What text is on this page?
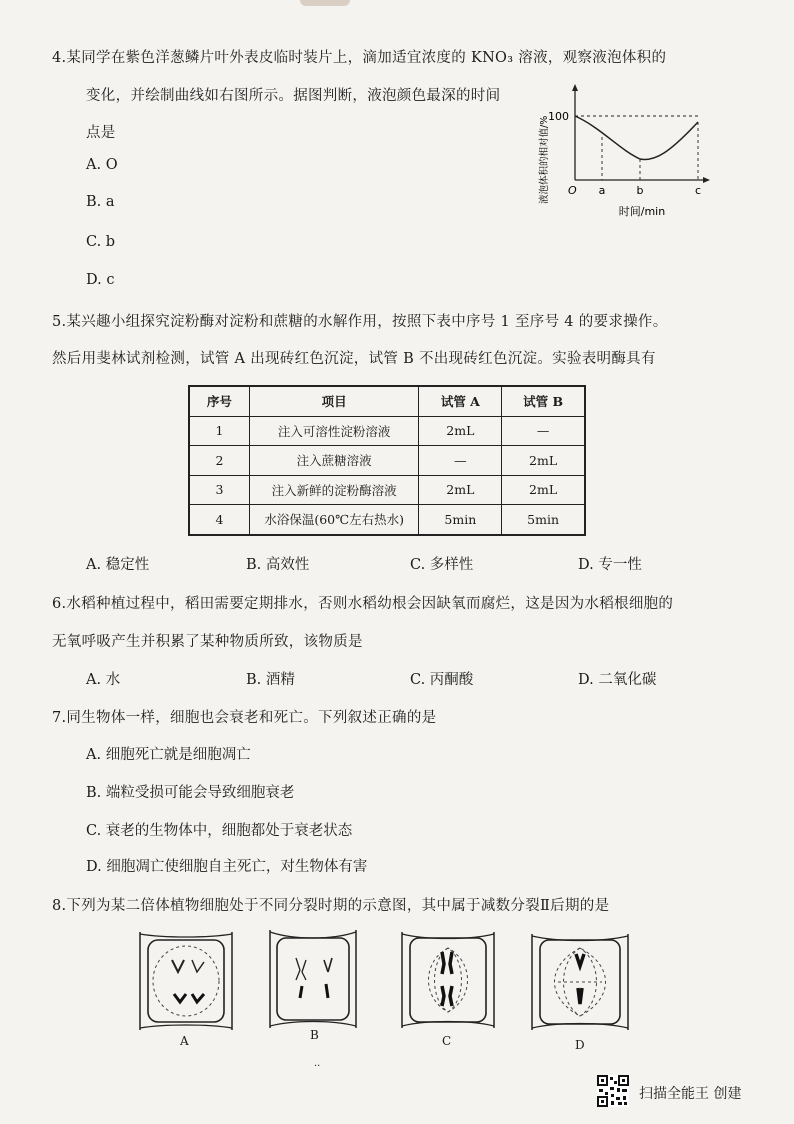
4.某同学在紫色洋葱鳞片叶外表皮临时装片上，滴加适宜浓度的 KNO₃ 溶液，观察液泡体积的
变化，并绘制曲线如右图所示。据图判断，液泡颜色最深的时间
点是
A. O
B. a
C. b
D. c
100
O a	b	c
时间/min
液泡体积的相对值/%
5.某兴趣小组探究淀粉酶对淀粉和蔗糖的水解作用，按照下表中序号 1 至序号 4 的要求操作。
然后用斐林试剂检测，试管 A 出现砖红色沉淀，试管 B 不出现砖红色沉淀。实验表明酶具有
序号	项目	试管 A	试管 B
1	注入可溶性淀粉溶液	2mL	—
2	注入蔗糖溶液	—	2mL
3	注入新鲜的淀粉酶溶液	2mL	2mL
4	水浴保温(60℃左右热水)	5min	5min
A. 稳定性	B. 高效性	C. 多样性	D. 专一性
6.水稻种植过程中，稻田需要定期排水，否则水稻幼根会因缺氧而腐烂，这是因为水稻根细胞的
无氧呼吸产生并积累了某种物质所致，该物质是
A. 水	B. 酒精	C. 丙酮酸	D. 二氧化碳
7.同生物体一样，细胞也会衰老和死亡。下列叙述正确的是
A. 细胞死亡就是细胞凋亡
B. 端粒受损可能会导致细胞衰老
C. 衰老的生物体中，细胞都处于衰老状态
D. 细胞凋亡使细胞自主死亡，对生物体有害
8.下列为某二倍体植物细胞处于不同分裂时期的示意图，其中属于减数分裂Ⅱ后期的是
A	B	C	D
..
扫描全能王 创建
